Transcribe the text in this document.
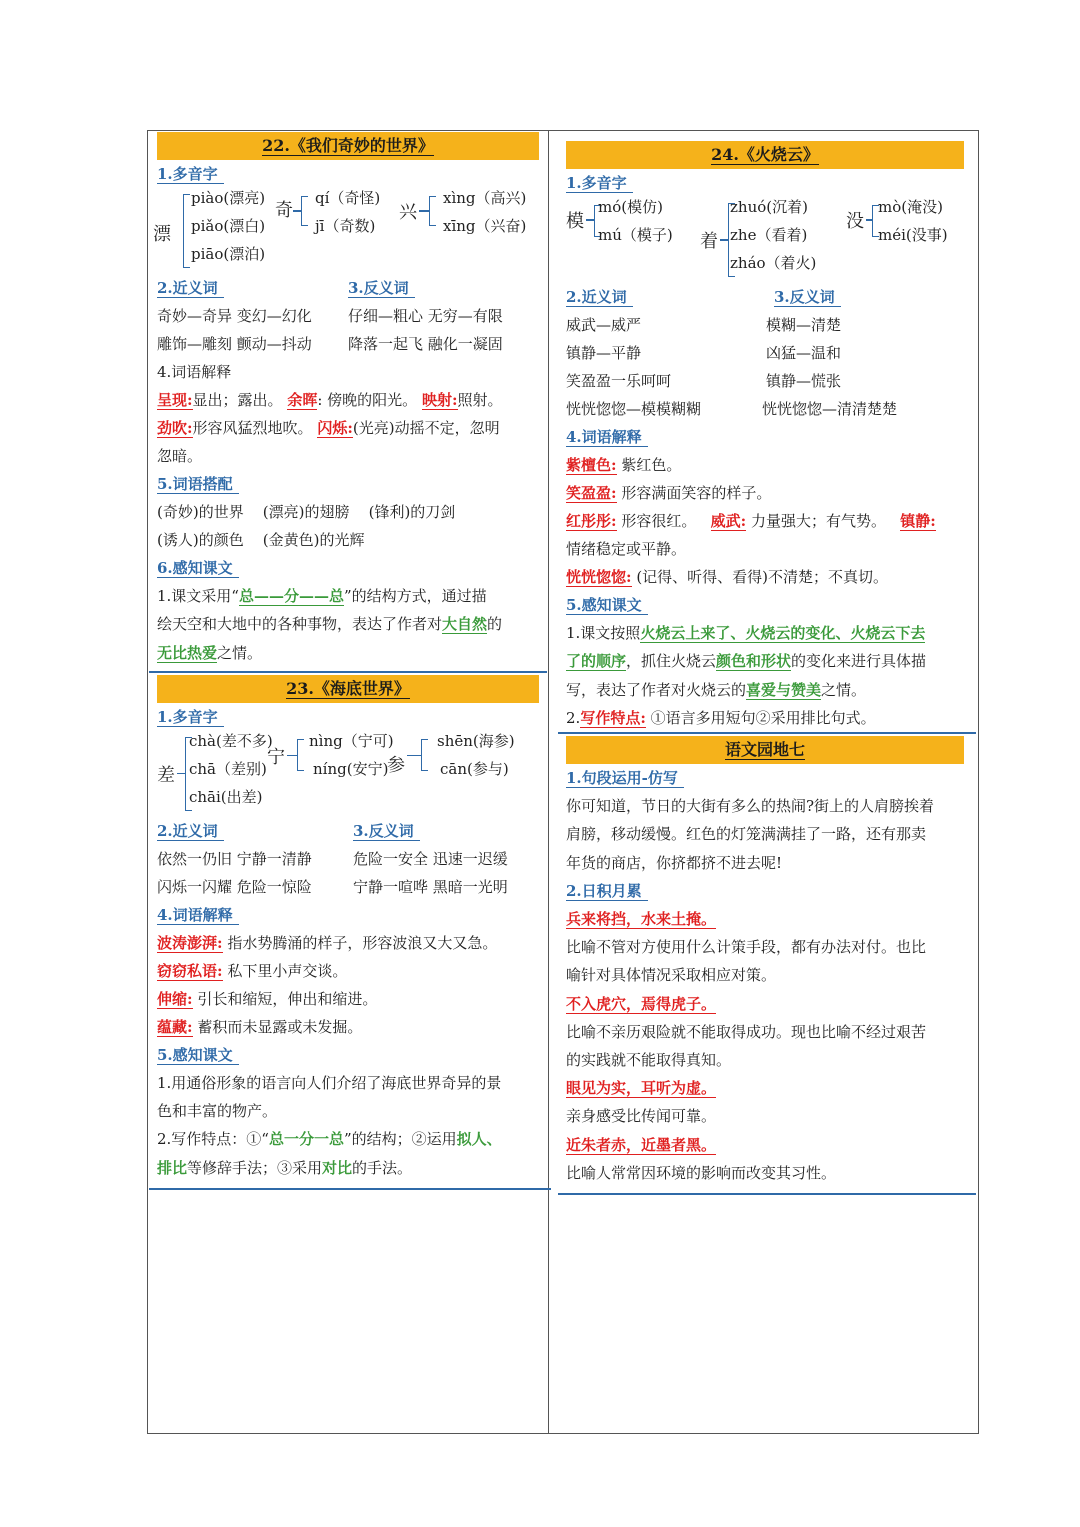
22.《我们奇妙的世界》
1.多音字
漂
piào(漂亮)
piǎo(漂白)
piāo(漂泊)
奇
qí（奇怪)
jī（奇数)
兴
xìng（高兴)
xīng（兴奋)
2.近义词
奇妙—奇异 变幻—幻化
雕饰—雕刻 颤动—抖动
3.反义词
仔细—粗心 无穷—有限
降落一起飞 融化一凝固
4.词语解释
呈现:显出；露出。 余晖: 傍晚的阳光。 映射:照射。
劲吹:形容风猛烈地吹。 闪烁:(光亮)动摇不定，忽明
忽暗。
5.词语搭配
(奇妙)的世界 (漂亮)的翅膀 (锋利)的刀剑
(诱人)的颜色 (金黄色)的光辉
6.感知课文
1.课文采用“总——分——总”的结构方式，通过描
绘天空和大地中的各种事物，表达了作者对大自然的
无比热爱之情。
23.《海底世界》
1.多音字
差
chà(差不多)
chā（差别)
chāi(出差)
宁
nìng（宁可)
níng(安宁)
参
shēn(海参)
cān(参与)
2.近义词
依然一仍旧 宁静一清静
闪烁一闪耀 危险一惊险
3.反义词
危险一安全 迅速一迟缓
宁静一喧哗 黑暗一光明
4.词语解释
波涛澎湃: 指水势腾涌的样子，形容波浪又大又急。
窃窃私语: 私下里小声交谈。
伸缩: 引长和缩短，伸出和缩进。
蕴藏: 蓄积而未显露或未发掘。
5.感知课文
1.用通俗形象的语言向人们介绍了海底世界奇异的景
色和丰富的物产。
2.写作特点：①“总一分一总”的结构；②运用拟人、
排比等修辞手法；③采用对比的手法。
24.《火烧云》
1.多音字
模
mó(模仿)
mú（模子) 着
zhuó(沉着)
zhe（看着)
zháo（着火)
没
mò(淹没)
méi(没事)
2.近义词
威武—威严
镇静—平静
笑盈盈一乐呵呵
恍恍惚惚—模模糊糊
3.反义词
模糊—清楚
凶猛—温和
镇静—慌张
恍恍惚惚—清清楚楚
4.词语解释
紫檀色: 紫红色。
笑盈盈: 形容满面笑容的样子。
红彤彤: 形容很红。 威武: 力量强大；有气势。 镇静:
情绪稳定或平静。
恍恍惚惚: (记得、听得、看得)不清楚；不真切。
5.感知课文
1.课文按照火烧云上来了、火烧云的变化、火烧云下去
了的顺序，抓住火烧云颜色和形状的变化来进行具体描
写，表达了作者对火烧云的喜爱与赞美之情。
2.写作特点: ①语言多用短句②采用排比句式。
语文园地七
1.句段运用-仿写
你可知道，节日的大街有多么的热闹?街上的人肩膀挨着
肩膀，移动缓慢。红色的灯笼满满挂了一路，还有那卖
年货的商店，你挤都挤不进去呢!
2.日积月累
兵来将挡，水来土掩。
比喻不管对方使用什么计策手段，都有办法对付。也比
喻针对具体情况采取相应对策。
不入虎穴，焉得虎子。
比喻不亲历艰险就不能取得成功。现也比喻不经过艰苦
的实践就不能取得真知。
眼见为实，耳听为虚。
亲身感受比传闻可靠。
近朱者赤，近墨者黑。
比喻人常常因环境的影响而改变其习性。
